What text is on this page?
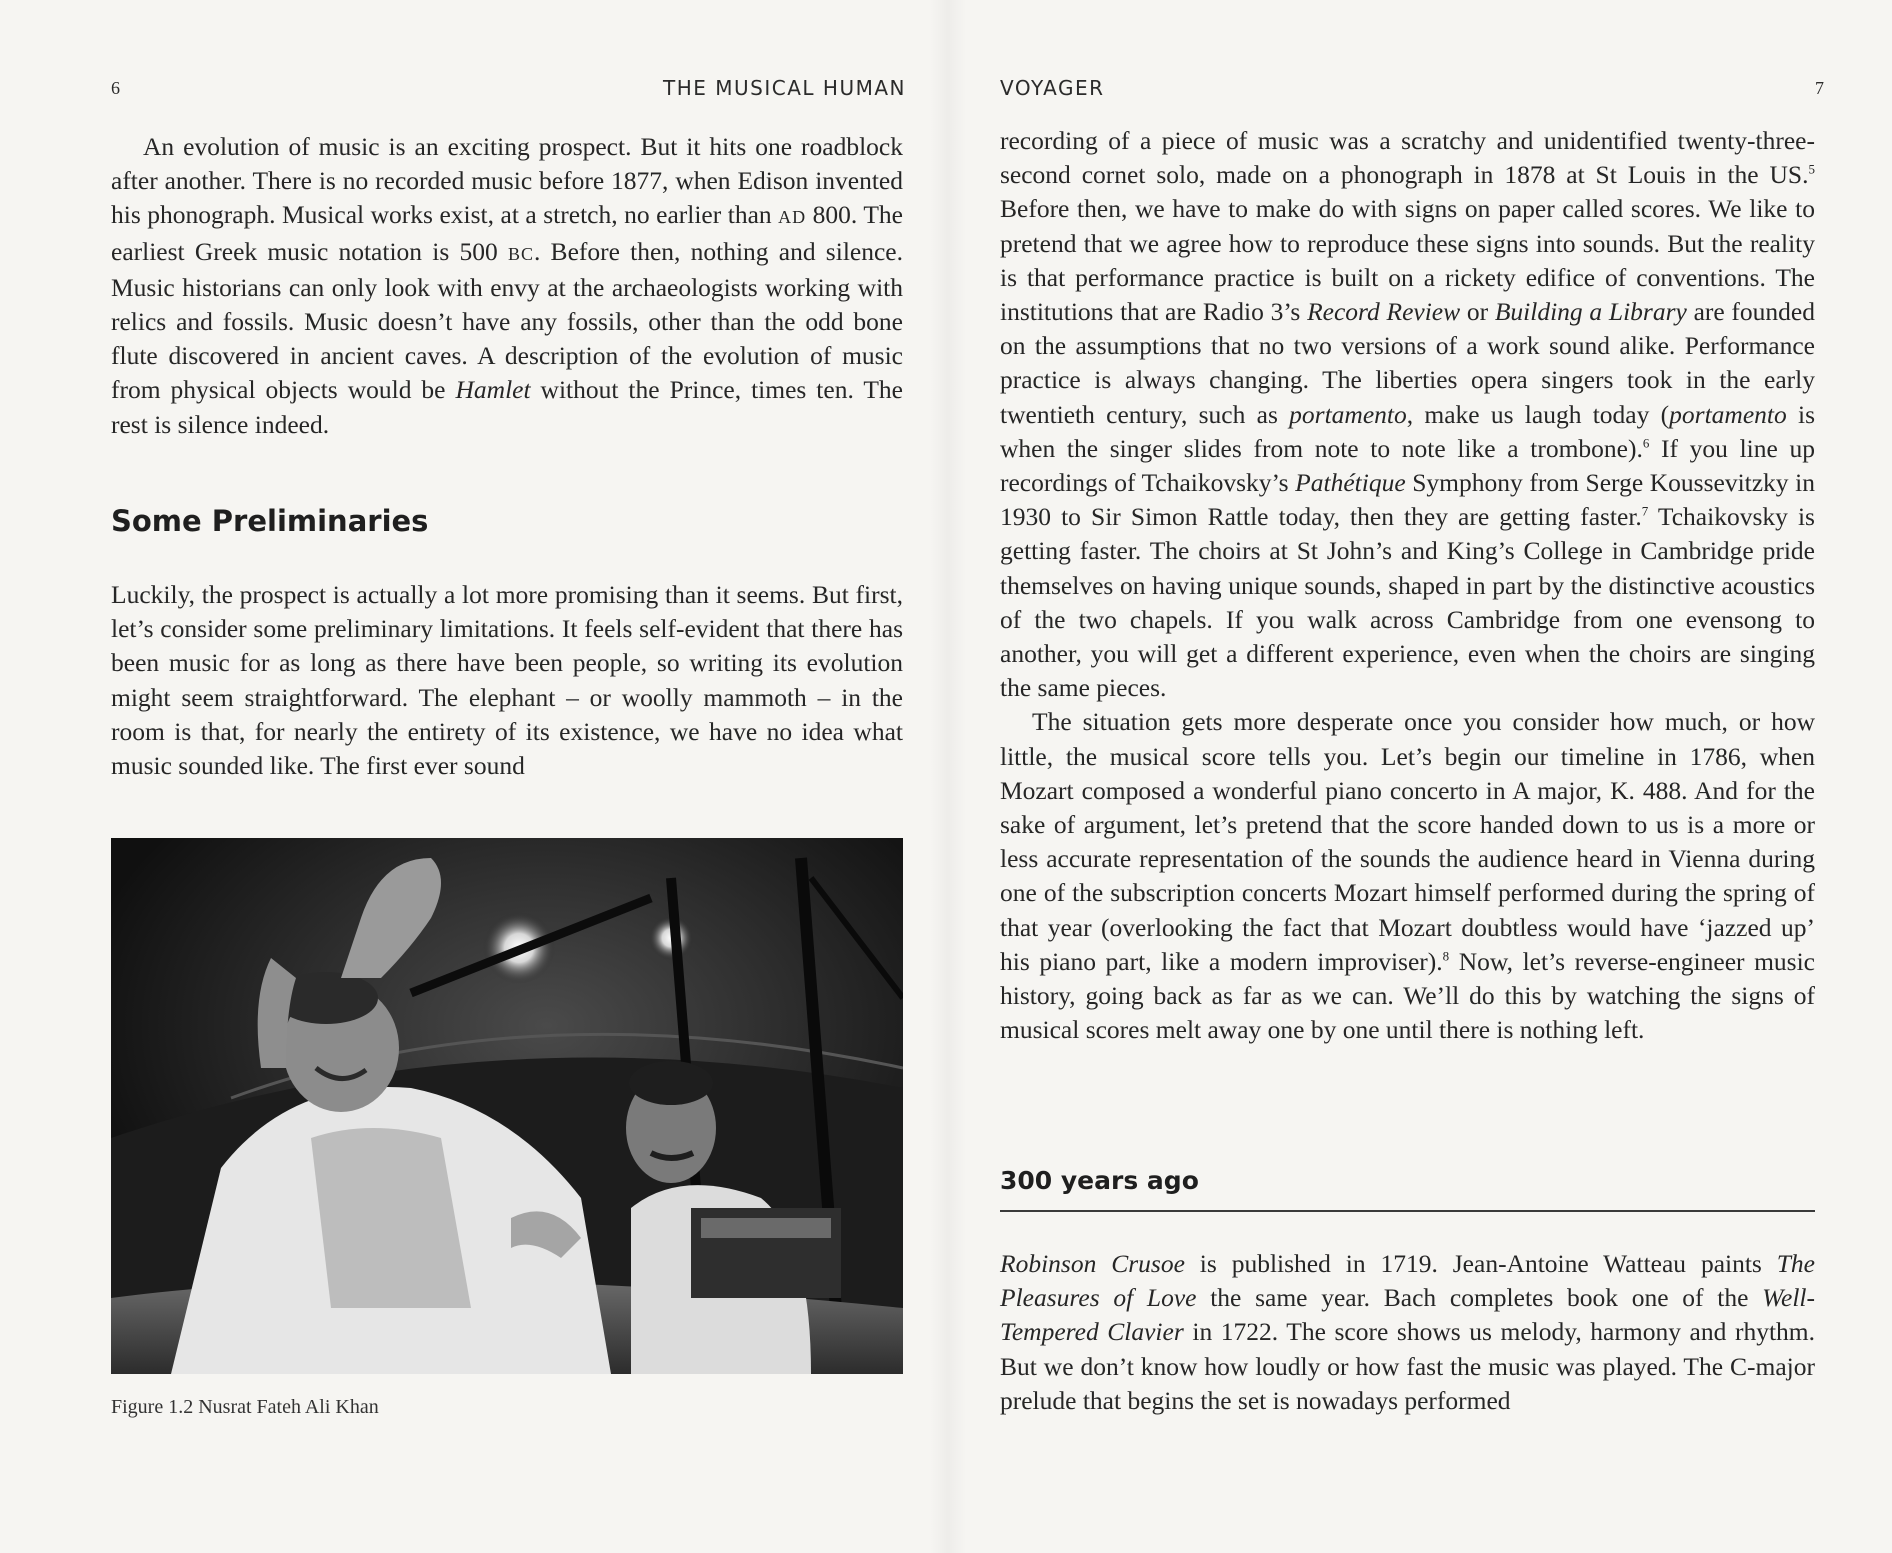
6	THE MUSICAL HUMAN

An evolution of music is an exciting prospect. But it hits one roadblock after another. There is no recorded music before 1877, when Edison invented his phonograph. Musical works exist, at a stretch, no earlier than AD 800. The earliest Greek music notation is 500 BC. Before then, nothing and silence. Music historians can only look with envy at the archaeologists working with relics and fossils. Music doesn’t have any fossils, other than the odd bone flute discovered in ancient caves. A description of the evolution of music from physical objects would be Hamlet without the Prince, times ten. The rest is silence indeed.

Some Preliminaries

Luckily, the prospect is actually a lot more promising than it seems. But first, let’s consider some preliminary limitations. It feels self-evident that there has been music for as long as there have been people, so writing its evolution might seem straightforward. The elephant – or woolly mammoth – in the room is that, for nearly the entirety of its existence, we have no idea what music sounded like. The first ever sound

Figure 1.2 Nusrat Fateh Ali Khan
VOYAGER	7

recording of a piece of music was a scratchy and unidentified twenty-three-second cornet solo, made on a phonograph in 1878 at St Louis in the US.$^5$ Before then, we have to make do with signs on paper called scores. We like to pretend that we agree how to reproduce these signs into sounds. But the reality is that performance practice is built on a rickety edifice of conventions. The institutions that are Radio 3’s Record Review or Building a Library are founded on the assumptions that no two versions of a work sound alike. Performance practice is always changing. The liberties opera singers took in the early twentieth century, such as portamento, make us laugh today (portamento is when the singer slides from note to note like a trombone).$^6$ If you line up recordings of Tchaikovsky’s Pathétique Symphony from Serge Koussevitzky in 1930 to Sir Simon Rattle today, then they are getting faster.$^7$ Tchaikovsky is getting faster. The choirs at St John’s and King’s College in Cambridge pride themselves on having unique sounds, shaped in part by the distinctive acoustics of the two chapels. If you walk across Cambridge from one evensong to another, you will get a different experience, even when the choirs are singing the same pieces.

The situation gets more desperate once you consider how much, or how little, the musical score tells you. Let’s begin our timeline in 1786, when Mozart composed a wonderful piano concerto in A major, K. 488. And for the sake of argument, let’s pretend that the score handed down to us is a more or less accurate representation of the sounds the audience heard in Vienna during one of the subscription concerts Mozart himself performed during the spring of that year (overlooking the fact that Mozart doubtless would have ‘jazzed up’ his piano part, like a modern improviser).$^8$ Now, let’s reverse-engineer music history, going back as far as we can. We’ll do this by watching the signs of musical scores melt away one by one until there is nothing left.

300 years ago

Robinson Crusoe is published in 1719. Jean-Antoine Watteau paints The Pleasures of Love the same year. Bach completes book one of the Well-Tempered Clavier in 1722. The score shows us melody, harmony and rhythm. But we don’t know how loudly or how fast the music was played. The C-major prelude that begins the set is nowadays performed
